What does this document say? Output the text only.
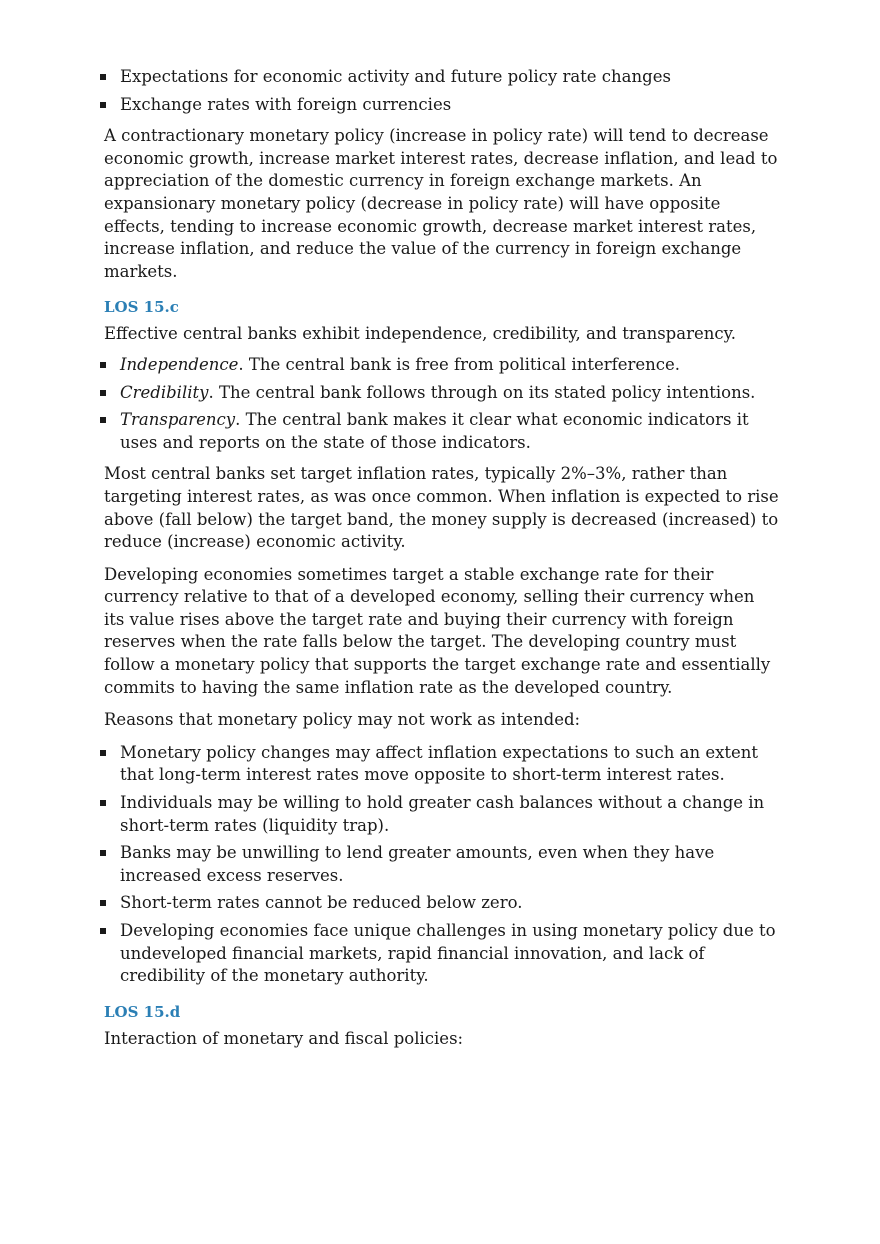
Expectations for economic activity and future policy rate changes
Exchange rates with foreign currencies

A contractionary monetary policy (increase in policy rate) will tend to decrease economic growth, increase market interest rates, decrease inflation, and lead to appreciation of the domestic currency in foreign exchange markets. An expansionary monetary policy (decrease in policy rate) will have opposite effects, tending to increase economic growth, decrease market interest rates, increase inflation, and reduce the value of the currency in foreign exchange markets.

LOS 15.c

Effective central banks exhibit independence, credibility, and transparency.

Independence. The central bank is free from political interference.
Credibility. The central bank follows through on its stated policy intentions.
Transparency. The central bank makes it clear what economic indicators it uses and reports on the state of those indicators.

Most central banks set target inflation rates, typically 2%–3%, rather than targeting interest rates, as was once common. When inflation is expected to rise above (fall below) the target band, the money supply is decreased (increased) to reduce (increase) economic activity.

Developing economies sometimes target a stable exchange rate for their currency relative to that of a developed economy, selling their currency when its value rises above the target rate and buying their currency with foreign reserves when the rate falls below the target. The developing country must follow a monetary policy that supports the target exchange rate and essentially commits to having the same inflation rate as the developed country.

Reasons that monetary policy may not work as intended:

Monetary policy changes may affect inflation expectations to such an extent that long-term interest rates move opposite to short-term interest rates.
Individuals may be willing to hold greater cash balances without a change in short-term rates (liquidity trap).
Banks may be unwilling to lend greater amounts, even when they have increased excess reserves.
Short-term rates cannot be reduced below zero.
Developing economies face unique challenges in using monetary policy due to undeveloped financial markets, rapid financial innovation, and lack of credibility of the monetary authority.
LOS 15.d

Interaction of monetary and fiscal policies:
